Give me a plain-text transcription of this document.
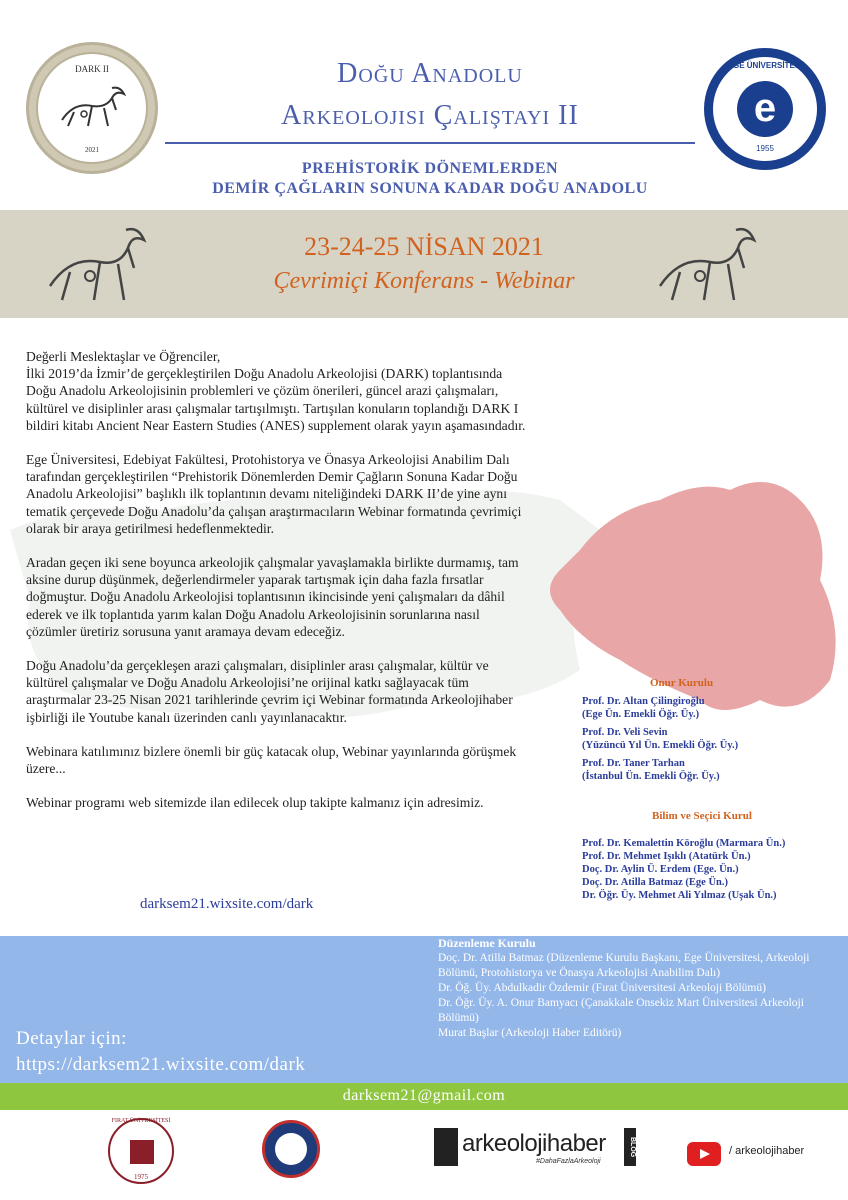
DARK II
2021
Doğu Anadolu
Arkeolojisi Çalıştayı II
PREHİSTORİK DÖNEMLERDEN
DEMİR ÇAĞLARIN SONUNA KADAR DOĞU ANADOLU
EGE ÜNİVERSİTESİ
e
1955
23-24-25 NİSAN 2021
Çevrimiçi Konferans - Webinar

Değerli Meslektaşlar ve Öğrenciler,

İlki 2019’da İzmir’de gerçekleştirilen Doğu Anadolu Arkeolojisi (DARK) toplantısında Doğu Anadolu Arkeolojisinin problemleri ve çözüm önerileri, güncel arazi çalışmaları, kültürel ve disiplinler arası çalışmalar tartışılmıştı. Tartışılan konuların toplandığı DARK I bildiri kitabı Ancient Near Eastern Studies (ANES) supplement olarak yayın aşamasındadır.

Ege Üniversitesi, Edebiyat Fakültesi, Protohistorya ve Önasya Arkeolojisi Anabilim Dalı tarafından gerçekleştirilen “Prehistorik Dönemlerden Demir Çağların Sonuna Kadar Doğu Anadolu Arkeolojisi” başlıklı ilk toplantının devamı niteliğindeki DARK II’de yine aynı tematik çerçevede Doğu Anadolu’da çalışan araştırmacıların Webinar formatında çevrimiçi olarak bir araya getirilmesi hedeflenmektedir.

Aradan geçen iki sene boyunca arkeolojik çalışmalar yavaşlamakla birlikte durmamış, tam aksine durup düşünmek, değerlendirmeler yaparak tartışmak için daha fazla fırsatlar doğmuştur. Doğu Anadolu Arkeolojisi toplantısının ikincisinde yeni çalışmaları da dâhil ederek ve ilk toplantıda yarım kalan Doğu Anadolu Arkeolojisinin sorunlarına nasıl çözümler üretiriz sorusuna yanıt aramaya devam edeceğiz.

Doğu Anadolu’da gerçekleşen arazi çalışmaları, disiplinler arası çalışmalar, kültür ve kültürel çalışmalar ve Doğu Anadolu Arkeolojisi’ne orijinal katkı sağlayacak tüm araştırmalar 23-25 Nisan 2021 tarihlerinde çevrim içi Webinar formatında Arkeolojihaber işbirliği ile Youtube kanalı üzerinden canlı yayınlanacaktır.

Webinara katılımınız bizlere önemli bir güç katacak olup, Webinar yayınlarında görüşmek üzere...

Webinar programı web sitemizde ilan edilecek olup takipte kalmanız için adresimiz.

darksem21.wixsite.com/dark
Onur Kurulu
Prof. Dr. Altan Çilingiroğlu
(Ege Ün. Emekli Öğr. Üy.)
Prof. Dr. Veli Sevin
(Yüzüncü Yıl Ün. Emekli Öğr. Üy.)
Prof. Dr. Taner Tarhan
(İstanbul Ün. Emekli Öğr. Üy.)
Bilim ve Seçici Kurul
Prof. Dr. Kemalettin Köroğlu (Marmara Ün.)
Prof. Dr. Mehmet Işıklı (Atatürk Ün.)
Doç. Dr. Aylin Ü. Erdem (Ege. Ün.)
Doç. Dr. Atilla Batmaz (Ege Ün.)
Dr. Öğr. Üy. Mehmet Ali Yılmaz (Uşak Ün.)
Düzenleme Kurulu
Doç. Dr. Atilla Batmaz (Düzenleme Kurulu Başkanı, Ege Üniversitesi, Arkeoloji Bölümü, Protohistorya ve Önasya Arkeolojisi Anabilim Dalı)
Dr. Öğ. Üy. Abdulkadir Özdemir (Fırat Üniversitesi Arkeoloji Bölümü)
Dr. Öğr. Üy. A. Onur Bamyacı (Çanakkale Onsekiz Mart Üniversitesi Arkeoloji Bölümü)
Murat Başlar (Arkeoloji Haber Editörü)
Detaylar için:
https://darksem21.wixsite.com/dark
darksem21@gmail.com
FIRAT ÜNİVERSİTESİ
1975
arkeolojihaber
#DahaFazlaArkeoloji
BLOG	/ arkeolojihaber
